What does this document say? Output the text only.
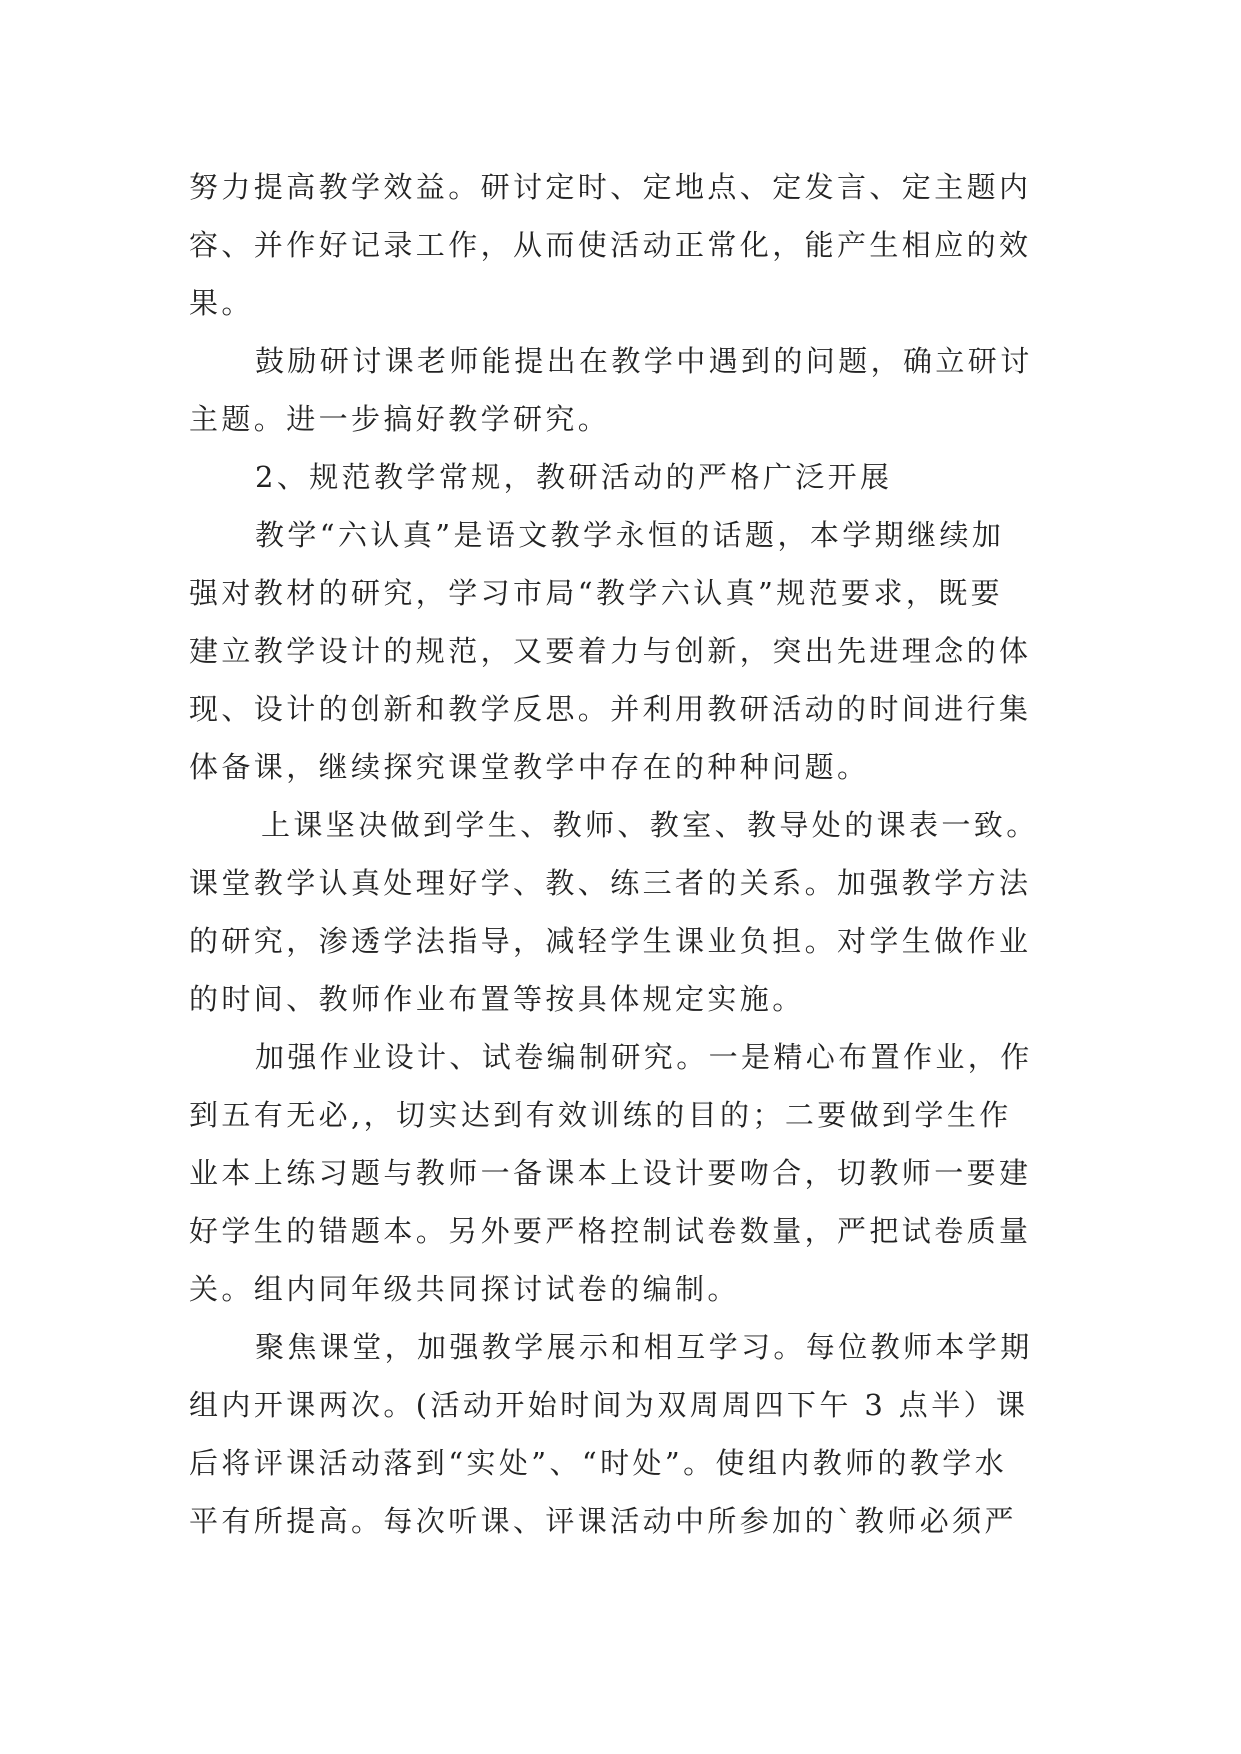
努力提高教学效益。研讨定时、定地点、定发言、定主题内
容、并作好记录工作，从而使活动正常化，能产生相应的效
果。
鼓励研讨课老师能提出在教学中遇到的问题，确立研讨
主题。进一步搞好教学研究。
2、规范教学常规，教研活动的严格广泛开展
教学“六认真”是语文教学永恒的话题，本学期继续加
强对教材的研究，学习市局“教学六认真”规范要求，既要
建立教学设计的规范，又要着力与创新，突出先进理念的体
现、设计的创新和教学反思。并利用教研活动的时间进行集
体备课，继续探究课堂教学中存在的种种问题。
上课坚决做到学生、教师、教室、教导处的课表一致。
课堂教学认真处理好学、教、练三者的关系。加强教学方法
的研究，渗透学法指导，减轻学生课业负担。对学生做作业
的时间、教师作业布置等按具体规定实施。
加强作业设计、试卷编制研究。一是精心布置作业，作
到五有无必,，切实达到有效训练的目的；二要做到学生作
业本上练习题与教师一备课本上设计要吻合，切教师一要建
好学生的错题本。另外要严格控制试卷数量，严把试卷质量
关。组内同年级共同探讨试卷的编制。
聚焦课堂，加强教学展示和相互学习。每位教师本学期
组内开课两次。(活动开始时间为双周周四下午 3 点半）课
后将评课活动落到“实处”、“时处”。使组内教师的教学水
平有所提高。每次听课、评课活动中所参加的`教师必须严
